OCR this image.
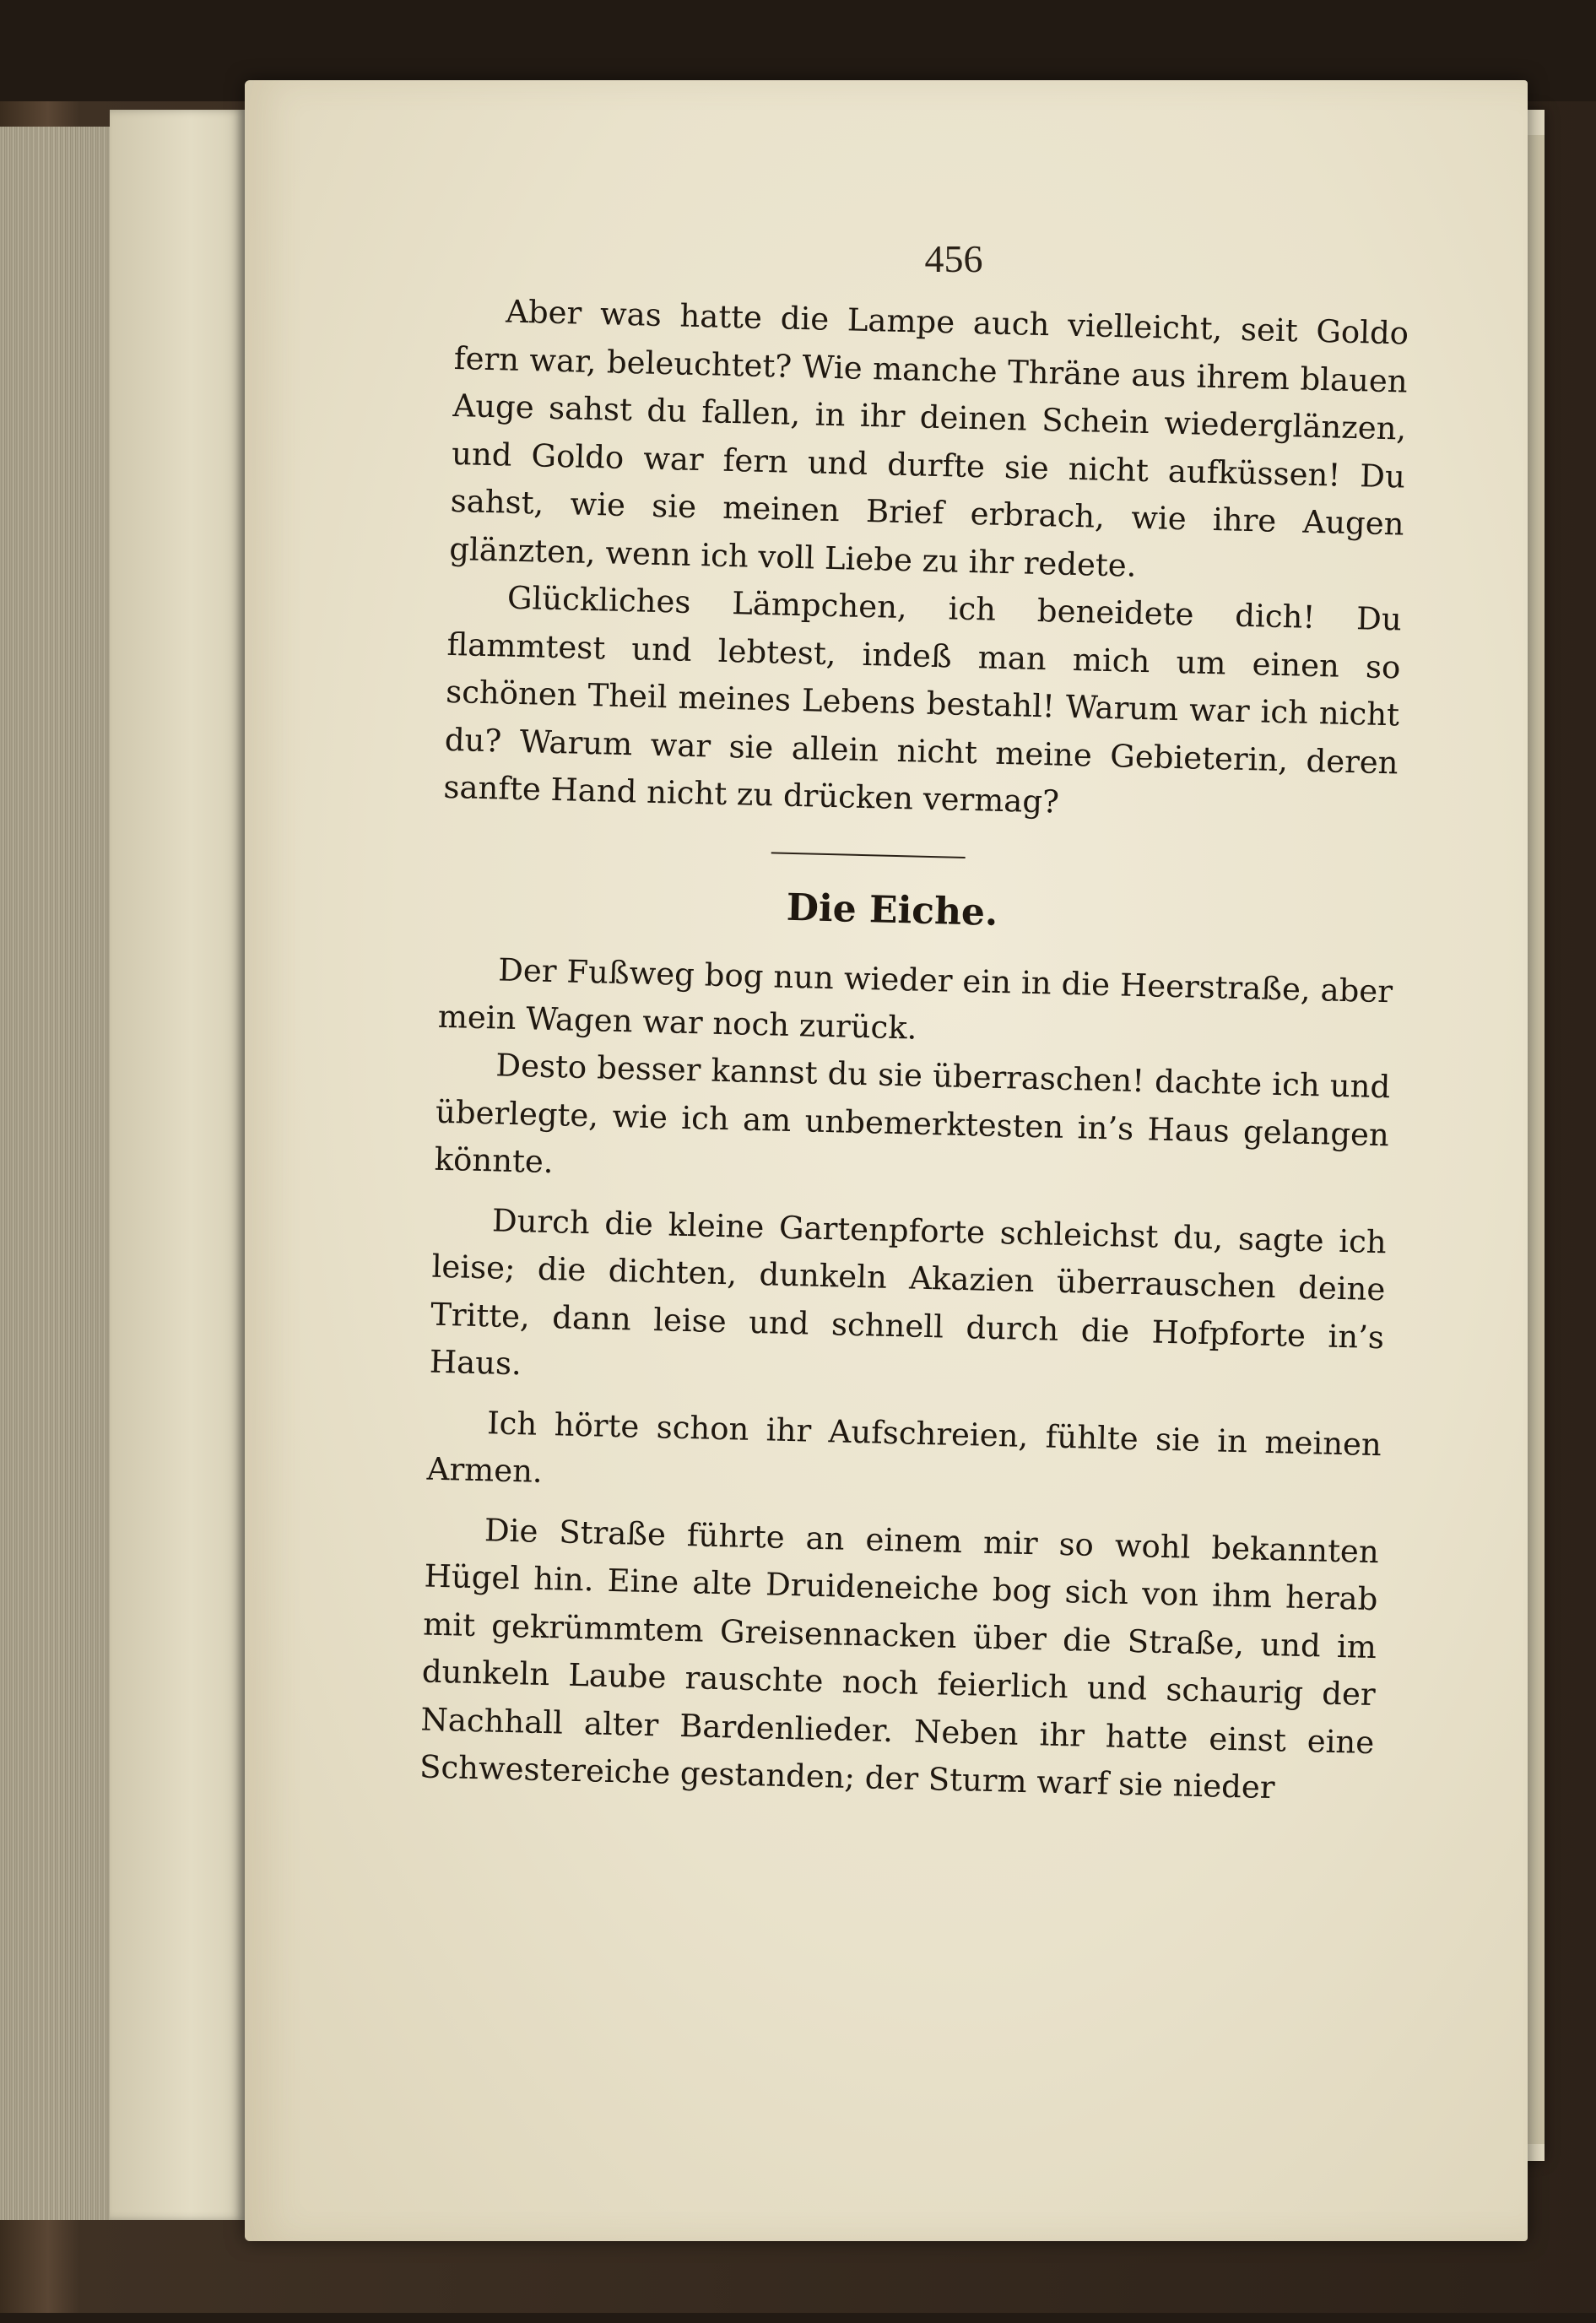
456

Aber was hatte die Lampe auch vielleicht, seit Goldo fern war, beleuchtet? Wie manche Thräne aus ihrem blauen Auge sahst du fallen, in ihr deinen Schein wiederglänzen, und Goldo war fern und durfte sie nicht aufküssen! Du sahst, wie sie meinen Brief erbrach, wie ihre Augen glänzten, wenn ich voll Liebe zu ihr redete.

Glückliches Lämpchen, ich beneidete dich! Du flammtest und lebtest, indeß man mich um einen so schönen Theil meines Lebens bestahl! Warum war ich nicht du? Warum war sie allein nicht meine Gebieterin, deren sanfte Hand nicht zu drücken vermag?

Die Eiche.

Der Fußweg bog nun wieder ein in die Heerstraße, aber mein Wagen war noch zurück.

Desto besser kannst du sie überraschen! dachte ich und überlegte, wie ich am unbemerktesten in’s Haus gelangen könnte.

Durch die kleine Gartenpforte schleichst du, sagte ich leise; die dichten, dunkeln Akazien überrauschen deine Tritte, dann leise und schnell durch die Hofpforte in’s Haus.

Ich hörte schon ihr Aufschreien, fühlte sie in meinen Armen.

Die Straße führte an einem mir so wohl bekannten Hügel hin. Eine alte Druideneiche bog sich von ihm herab mit gekrümmtem Greisennacken über die Straße, und im dunkeln Laube rauschte noch feierlich und schaurig der Nachhall alter Bardenlieder. Neben ihr hatte einst eine Schwestereiche gestanden; der Sturm warf sie nieder
